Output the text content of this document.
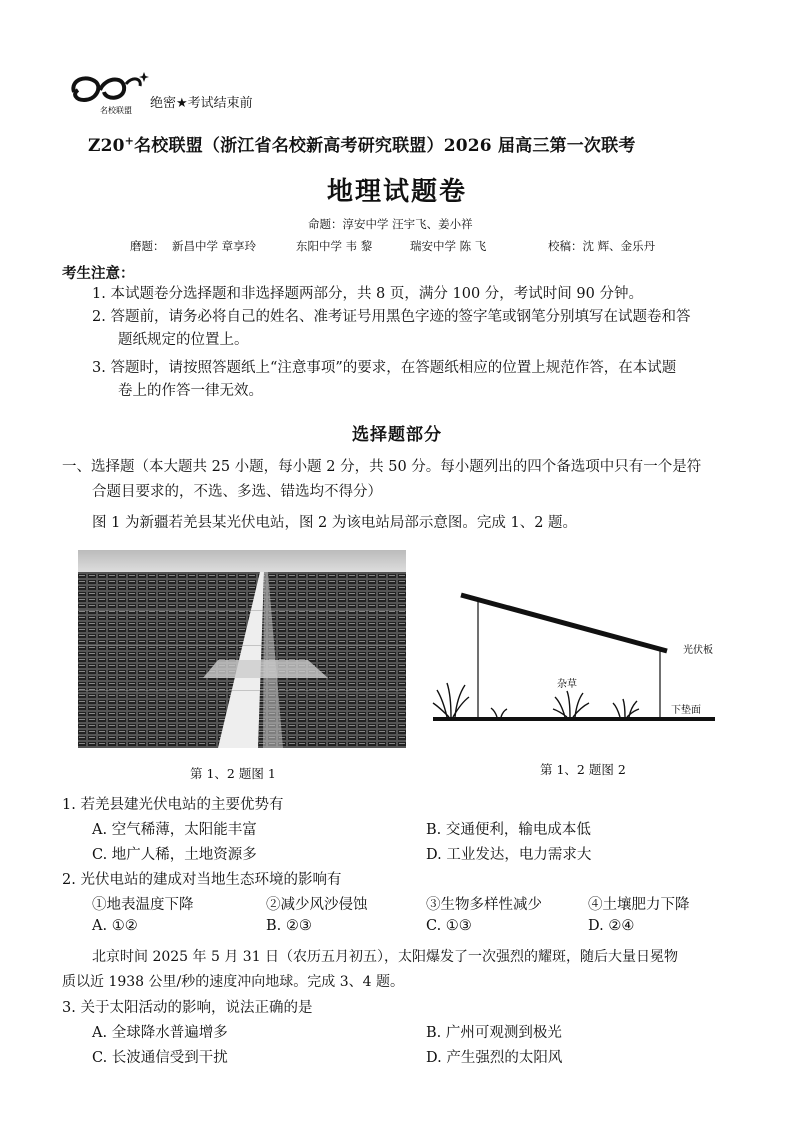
名校联盟 绝密★考试结束前
Z20+名校联盟（浙江省名校新高考研究联盟）2026 届高三第一次联考
地理试题卷
命题：淳安中学 汪宇飞、姜小祥
磨题： 新昌中学 章享玲	东阳中学 韦 黎	瑞安中学 陈 飞	校稿：沈 辉、金乐丹
考生注意：
1. 本试题卷分选择题和非选择题两部分，共 8 页，满分 100 分，考试时间 90 分钟。
2. 答题前，请务必将自己的姓名、准考证号用黑色字迹的签字笔或钢笔分别填写在试题卷和答
题纸规定的位置上。
3. 答题时，请按照答题纸上“注意事项”的要求，在答题纸相应的位置上规范作答，在本试题
卷上的作答一律无效。
选择题部分
一、选择题（本大题共 25 小题，每小题 2 分，共 50 分。每小题列出的四个备选项中只有一个是符
合题目要求的，不选、多选、错选均不得分）
图 1 为新疆若羌县某光伏电站，图 2 为该电站局部示意图。完成 1、2 题。
第 1、2 题图 1
光伏板
杂草
下垫面
第 1、2 题图 2
1. 若羌县建光伏电站的主要优势有
A. 空气稀薄，太阳能丰富	B. 交通便利，输电成本低
C. 地广人稀，土地资源多	D. 工业发达，电力需求大
2. 光伏电站的建成对当地生态环境的影响有
①地表温度下降	②减少风沙侵蚀	③生物多样性减少	④土壤肥力下降
A. ①②	B. ②③	C. ①③	D. ②④
北京时间 2025 年 5 月 31 日（农历五月初五），太阳爆发了一次强烈的耀斑，随后大量日冕物
质以近 1938 公里/秒的速度冲向地球。完成 3、4 题。
3. 关于太阳活动的影响，说法正确的是
A. 全球降水普遍增多	B. 广州可观测到极光
C. 长波通信受到干扰	D. 产生强烈的太阳风
